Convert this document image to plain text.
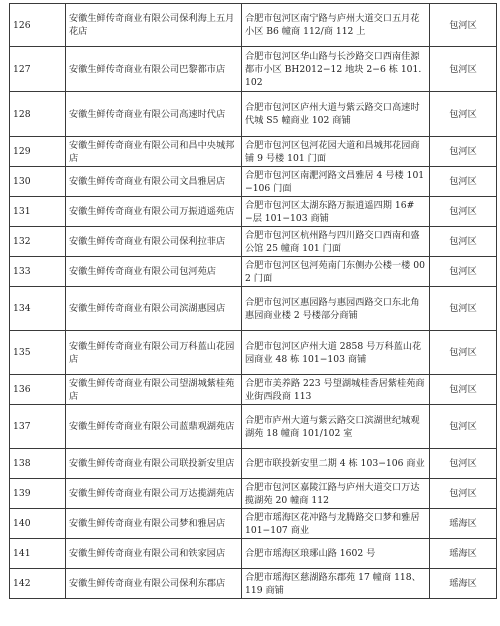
126	安徽生鲜传奇商业有限公司保利海上五月花店	合肥市包河区南宁路与庐州大道交口五月花小区 B6 幢商 112/商 112 上	包河区
127	安徽生鲜传奇商业有限公司巴黎都市店	合肥市包河区华山路与长沙路交口西南佳源都市小区 BH2012−12 地块 2−6 栋 101.102	包河区
128	安徽生鲜传奇商业有限公司高速时代店	合肥市包河区庐州大道与紫云路交口高速时代城 S5 幢商业 102 商铺	包河区
129	安徽生鲜传奇商业有限公司和昌中央城邦店	合肥市包河区包河花园大道和昌城邦花园商铺 9 号楼 101 门面	包河区
130	安徽生鲜传奇商业有限公司文昌雅居店	合肥市包河区南淝河路文昌雅居 4 号楼 101−106 门面	包河区
131	安徽生鲜传奇商业有限公司万振逍遥苑店	合肥市包河区太湖东路万振逍遥四期 16#−层 101−103 商铺	包河区
132	安徽生鲜传奇商业有限公司保利拉菲店	合肥市包河区杭州路与四川路交口西南和盛公馆 25 幢商 101 门面	包河区
133	安徽生鲜传奇商业有限公司包河苑店	合肥市包河区包河苑南门东侧办公楼一楼 002 门面	包河区
134	安徽生鲜传奇商业有限公司滨湖惠园店	合肥市包河区惠园路与惠园西路交口东北角惠园商业楼 2 号楼部分商铺	包河区
135	安徽生鲜传奇商业有限公司万科蓝山花园店	合肥市包河区庐州大道 2858 号万科蓝山花园商业 48 栋 101−103 商铺	包河区
136	安徽生鲜传奇商业有限公司望湖城紫桂苑店	合肥市美养路 223 号望湖城桂香居紫桂苑商业街西段商 113	包河区
137	安徽生鲜传奇商业有限公司蓝鼎观湖苑店	合肥市庐州大道与紫云路交口滨湖世纪城观湖苑 18 幢商 101/102 室	包河区
138	安徽生鲜传奇商业有限公司联投新安里店	合肥市联投新安里二期 4 栋 103−106 商业	包河区
139	安徽生鲜传奇商业有限公司万达揽湖苑店	合肥市包河区嘉陵江路与庐州大道交口万达揽湖苑 20 幢商 112	包河区
140	安徽生鲜传奇商业有限公司梦和雅居店	合肥市瑶海区花冲路与龙腾路交口梦和雅居 101−107 商业	瑶海区
141	安徽生鲜传奇商业有限公司和铁家园店	合肥市瑶海区琅琊山路 1602 号	瑶海区
142	安徽生鲜传奇商业有限公司保利东郡店	合肥市瑶海区慈湖路东郡苑 17 幢商 118、119 商铺	瑶海区
